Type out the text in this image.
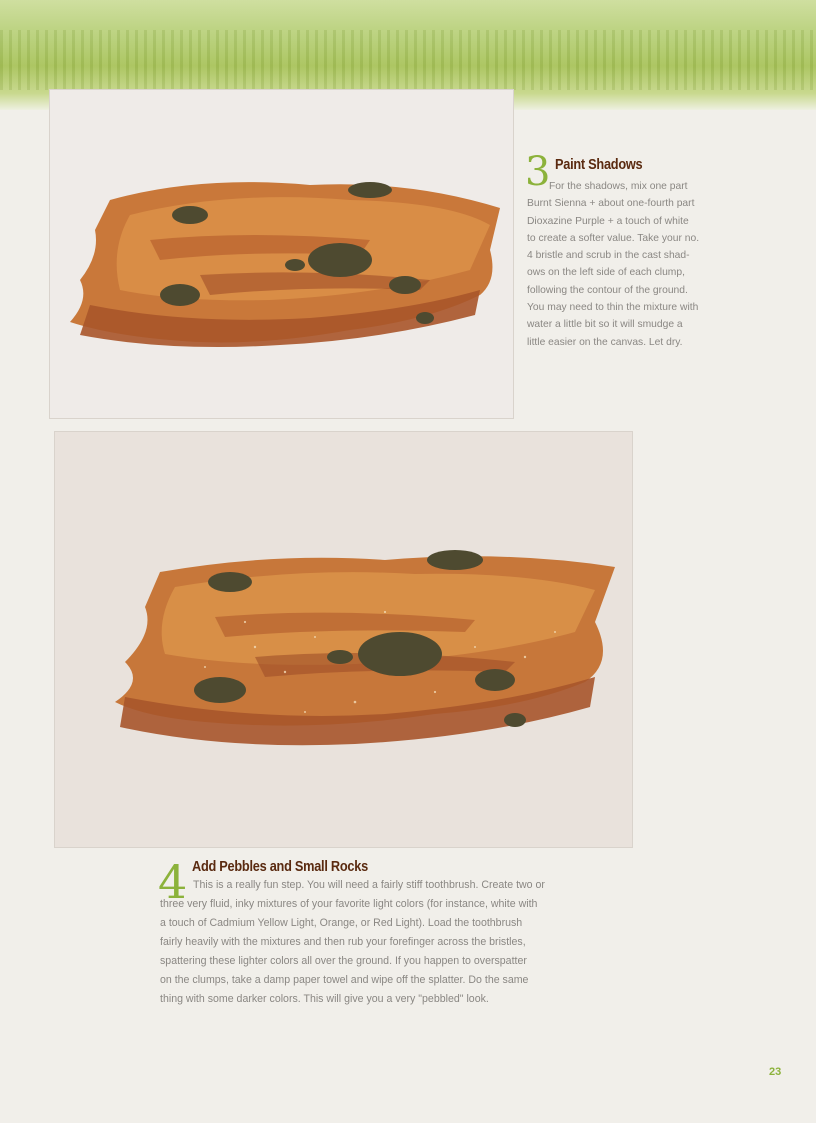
3 Paint Shadows
For the shadows, mix one part
Burnt Sienna + about one-fourth part
Dioxazine Purple + a touch of white
to create a softer value. Take your no.
4 bristle and scrub in the cast shad-
ows on the left side of each clump,
following the contour of the ground.
You may need to thin the mixture with
water a little bit so it will smudge a
little easier on the canvas. Let dry.
4 Add Pebbles and Small Rocks
This is a really fun step. You will need a fairly stiff toothbrush. Create two or
three very fluid, inky mixtures of your favorite light colors (for instance, white with
a touch of Cadmium Yellow Light, Orange, or Red Light). Load the toothbrush
fairly heavily with the mixtures and then rub your forefinger across the bristles,
spattering these lighter colors all over the ground. If you happen to overspatter
on the clumps, take a damp paper towel and wipe off the splatter. Do the same
thing with some darker colors. This will give you a very "pebbled" look.
23
